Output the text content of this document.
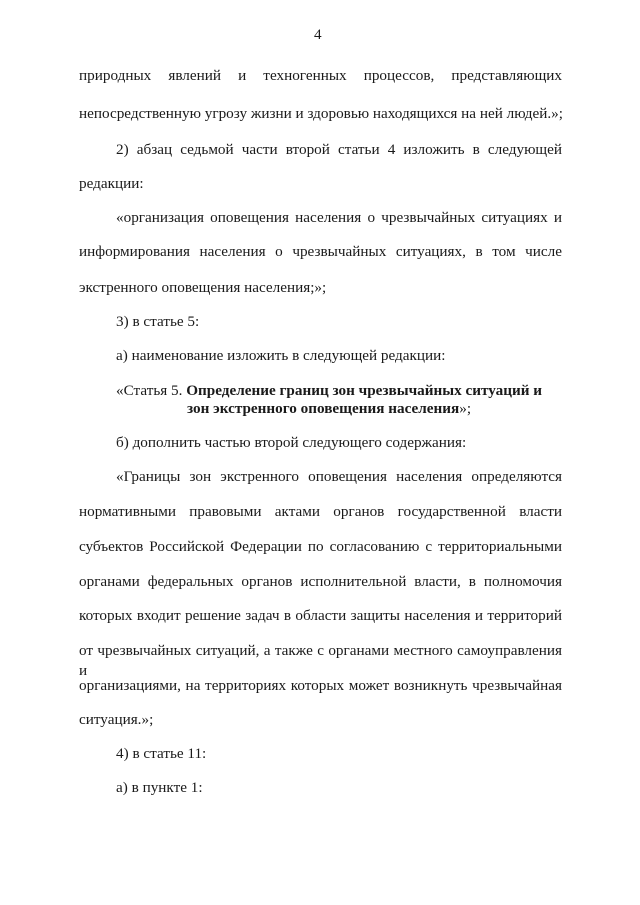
4
природных явлений и техногенных процессов, представляющих
непосредственную угрозу жизни и здоровью находящихся на ней людей.»;
2) абзац седьмой части второй статьи 4 изложить в следующей
редакции:
«организация оповещения населения о чрезвычайных ситуациях и
информирования населения о чрезвычайных ситуациях, в том числе
экстренного оповещения населения;»;
3) в статье 5:
а) наименование изложить в следующей редакции:
«Статья 5. Определение границ зон чрезвычайных ситуаций и
зон экстренного оповещения населения»;
б) дополнить частью второй следующего содержания:
«Границы зон экстренного оповещения населения определяются
нормативными правовыми актами органов государственной власти
субъектов Российской Федерации по согласованию с территориальными
органами федеральных органов исполнительной власти, в полномочия
которых входит решение задач в области защиты населения и территорий
от чрезвычайных ситуаций, а также с органами местного самоуправления и
организациями, на территориях которых может возникнуть чрезвычайная
ситуация.»;
4) в статье 11:
а) в пункте 1:
